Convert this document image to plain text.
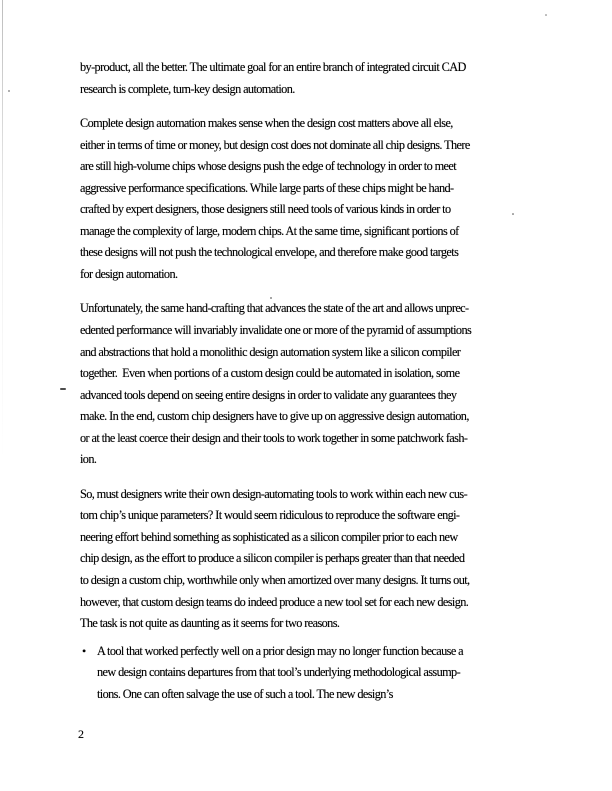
by-product, all the better. The ultimate goal for an entire branch of integrated circuit CAD
research is complete, turn-key design automation.
Complete design automation makes sense when the design cost matters above all else,
either in terms of time or money, but design cost does not dominate all chip designs. There
are still high-volume chips whose designs push the edge of technology in order to meet
aggressive performance specifications. While large parts of these chips might be hand-
crafted by expert designers, those designers still need tools of various kinds in order to
manage the complexity of large, modern chips. At the same time, significant portions of
these designs will not push the technological envelope, and therefore make good targets
for design automation.
Unfortunately, the same hand-crafting that advances the state of the art and allows unprec-
edented performance will invariably invalidate one or more of the pyramid of assumptions
and abstractions that hold a monolithic design automation system like a silicon compiler
together.  Even when portions of a custom design could be automated in isolation, some
advanced tools depend on seeing entire designs in order to validate any guarantees they
make. In the end, custom chip designers have to give up on aggressive design automation,
or at the least coerce their design and their tools to work together in some patchwork fash-
ion.
So, must designers write their own design-automating tools to work within each new cus-
tom chip’s unique parameters? It would seem ridiculous to reproduce the software engi-
neering effort behind something as sophisticated as a silicon compiler prior to each new
chip design, as the effort to produce a silicon compiler is perhaps greater than that needed
to design a custom chip, worthwhile only when amortized over many designs. It turns out,
however, that custom design teams do indeed produce a new tool set for each new design.
The task is not quite as daunting as it seems for two reasons.
• A tool that worked perfectly well on a prior design may no longer function because a
new design contains departures from that tool’s underlying methodological assump-
tions. One can often salvage the use of such a tool. The new design’s
2
